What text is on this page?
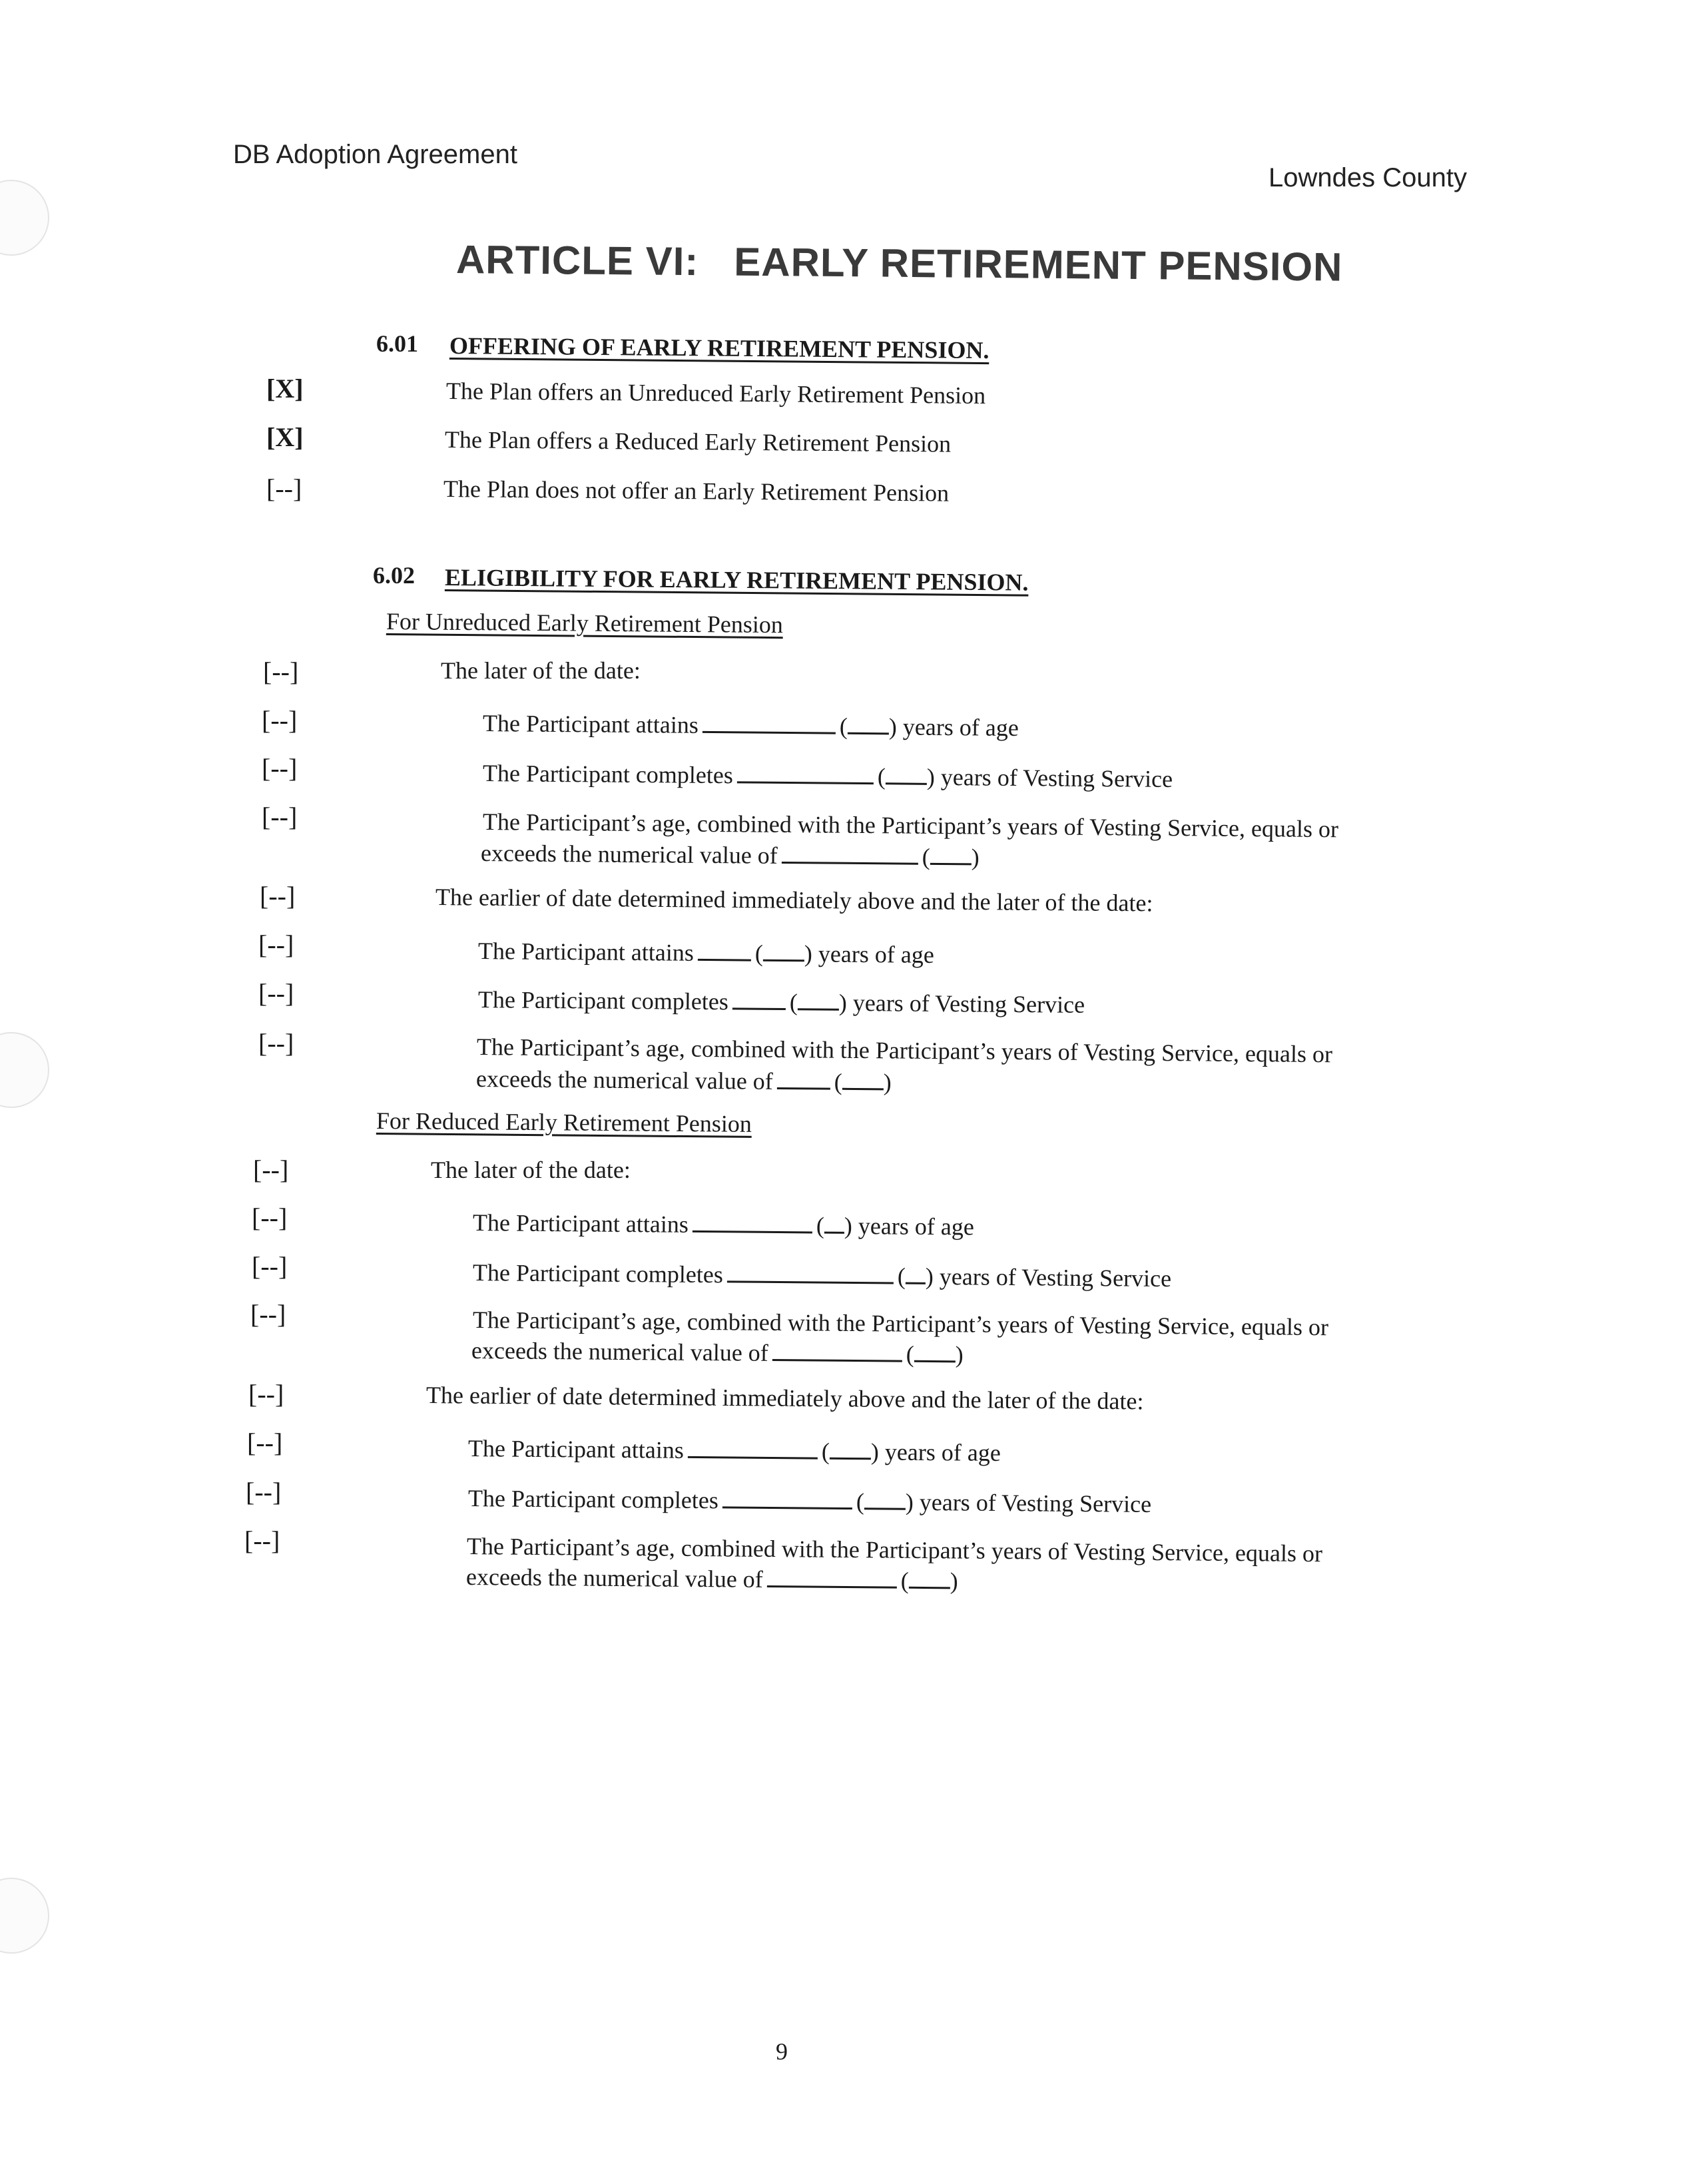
DB Adoption Agreement
Lowndes County
ARTICLE VI:   EARLY RETIREMENT PENSION
6.01 OFFERING OF EARLY RETIREMENT PENSION.
[X]	The Plan offers an Unreduced Early Retirement Pension
[X]	The Plan offers a Reduced Early Retirement Pension
[--]	The Plan does not offer an Early Retirement Pension
6.02 ELIGIBILITY FOR EARLY RETIREMENT PENSION.
For Unreduced Early Retirement Pension
[--]	The later of the date:
[--]	The Participant attains	( ) years of age
[--]	The Participant completes	( ) years of Vesting Service
[--]	The Participant’s age, combined with the Participant’s years of Vesting Service, equals or
exceeds the numerical value of	( )
[--]	The earlier of date determined immediately above and the later of the date:
[--]	The Participant attains	( ) years of age
[--]	The Participant completes	( ) years of Vesting Service
[--]	The Participant’s age, combined with the Participant’s years of Vesting Service, equals or
exceeds the numerical value of	( )
For Reduced Early Retirement Pension
[--]	The later of the date:
[--]	The Participant attains	( ) years of age
[--]	The Participant completes	( ) years of Vesting Service
[--]	The Participant’s age, combined with the Participant’s years of Vesting Service, equals or
exceeds the numerical value of	( )
[--]	The earlier of date determined immediately above and the later of the date:
[--]	The Participant attains	( ) years of age
[--]	The Participant completes	( ) years of Vesting Service
[--]	The Participant’s age, combined with the Participant’s years of Vesting Service, equals or
exceeds the numerical value of	( )
9
